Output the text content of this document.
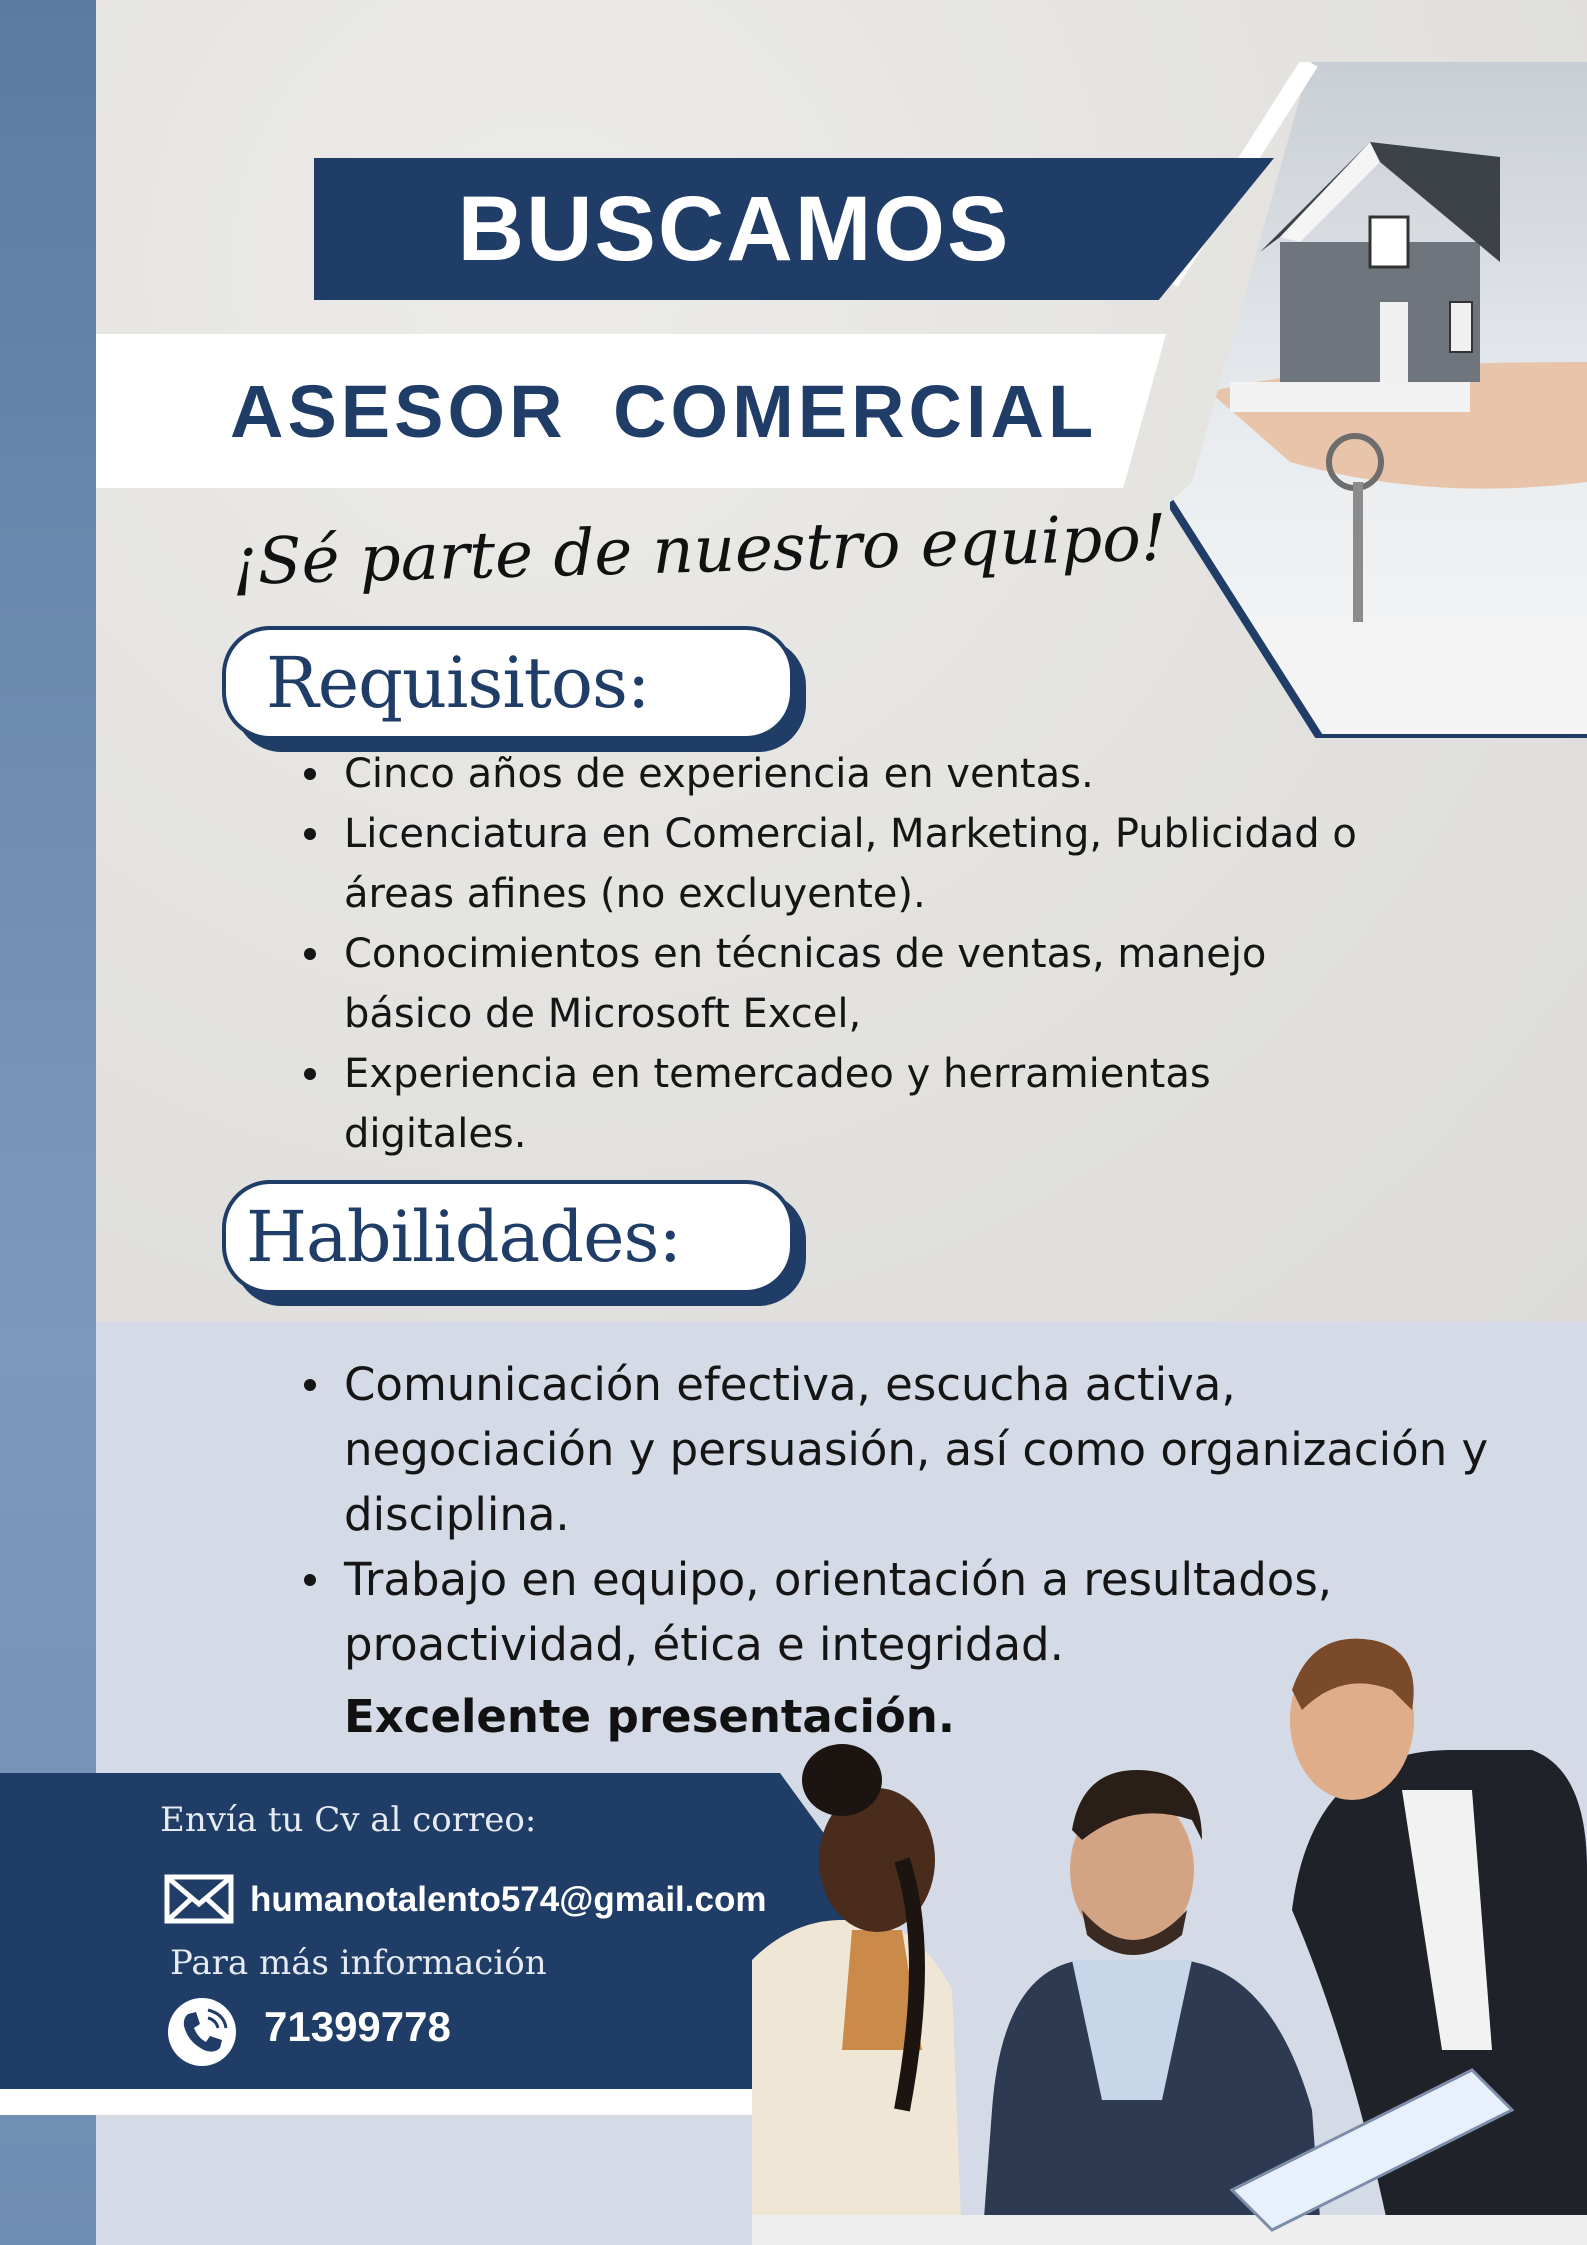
BUSCAMOS
ASESOR COMERCIAL
¡Sé parte de nuestro equipo!
Requisitos:
Cinco años de experiencia en ventas.
Licenciatura en Comercial, Marketing, Publicidad o áreas afines (no excluyente).
Conocimientos en técnicas de ventas, manejo básico de Microsoft Excel,
Experiencia en temercadeo y herramientas digitales.
Habilidades:
Comunicación efectiva, escucha activa, negociación y persuasión, así como organización y disciplina.
Trabajo en equipo, orientación a resultados, proactividad, ética e integridad.
Excelente presentación.
Envía tu Cv al correo:
humanotalento574@gmail.com
Para más información
71399778
